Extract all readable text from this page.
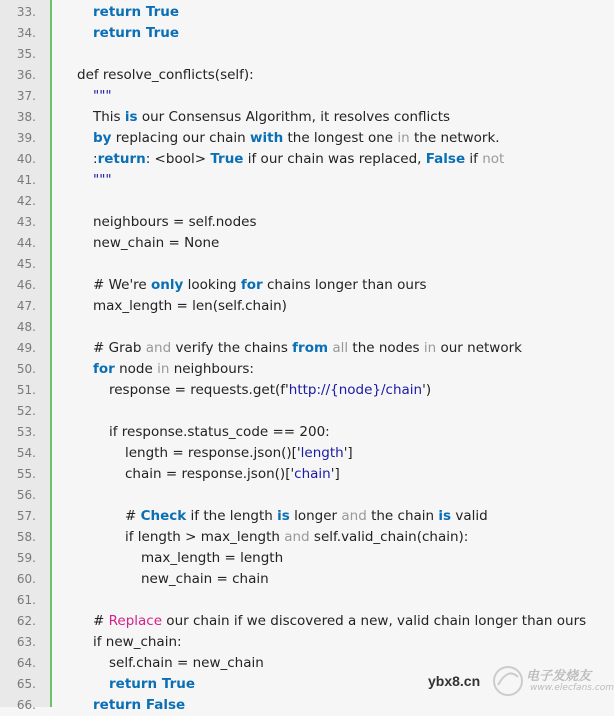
33.	return True
34.	return True
35.
36.	def resolve_conflicts(self):
37.	"""
38.	This is our Consensus Algorithm, it resolves conflicts
39.	by replacing our chain with the longest one in the network.
40.	:return: <bool> True if our chain was replaced, False if not
41.	"""
42.
43.	neighbours = self.nodes
44.	new_chain = None
45.
46.	# We're only looking for chains longer than ours
47.	max_length = len(self.chain)
48.
49.	# Grab and verify the chains from all the nodes in our network
50.	for node in neighbours:
51.	response = requests.get(f'http://{node}/chain')
52.
53.	if response.status_code == 200:
54.	length = response.json()['length']
55.	chain = response.json()['chain']
56.
57.	# Check if the length is longer and the chain is valid
58.	if length > max_length and self.valid_chain(chain):
59.	max_length = length
60.	new_chain = chain
61.
62.	# Replace our chain if we discovered a new, valid chain longer than ours
63.	if new_chain:
64.	self.chain = new_chain
65.	return True
66.	return False
ybx8.cn	电子发烧友
www.elecfans.com
